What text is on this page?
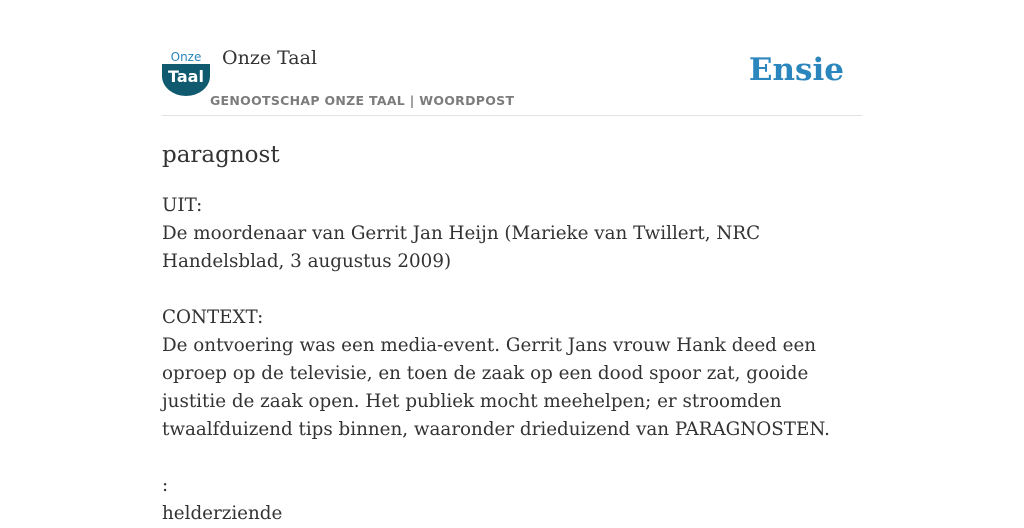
Onze
Taal
Onze Taal
GENOOTSCHAP ONZE TAAL | WOORDPOST
Ensie
paragnost

UIT:

De moordenaar van Gerrit Jan Heijn (Marieke van Twillert, NRC Handelsblad, 3 augustus 2009)

CONTEXT:

De ontvoering was een media-event. Gerrit Jans vrouw Hank deed een oproep op de televisie, en toen de zaak op een dood spoor zat, gooide justitie de zaak open. Het publiek mocht meehelpen; er stroomden twaalfduizend tips binnen, waaronder drieduizend van PARAGNOSTEN.

:

helderziende
